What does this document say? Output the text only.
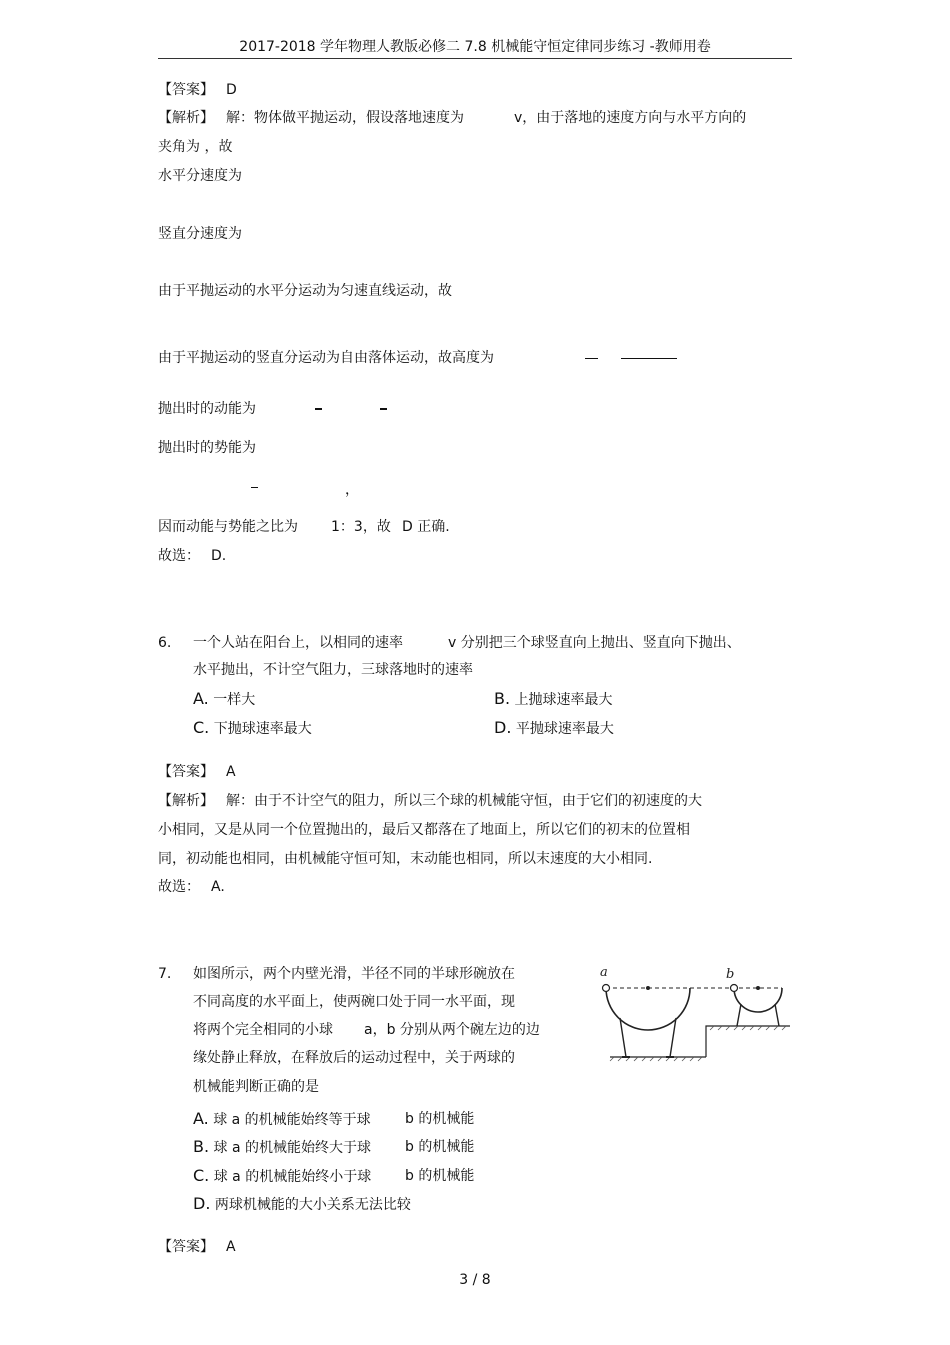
2017-2018 学年物理人教版必修二 7.8 机械能守恒定律同步练习 -教师用卷
【答案】 D
【解析】 解：物体做平抛运动，假设落地速度为	v，由于落地的速度方向与水平方向的
夹角为 ，故
水平分速度为
竖直分速度为
由于平抛运动的水平分运动为匀速直线运动，故
由于平抛运动的竖直分运动为自由落体运动，故高度为
抛出时的动能为
抛出时的势能为
，
因而动能与势能之比为 1：3，故 D 正确.
故选： D.
6. 一个人站在阳台上，以相同的速率	v 分别把三个球竖直向上抛出、竖直向下抛出、
水平抛出，不计空气阻力，三球落地时的速率
A. 一样大	B. 上抛球速率最大
C. 下抛球速率最大	D. 平抛球速率最大
【答案】 A
【解析】 解：由于不计空气的阻力，所以三个球的机械能守恒，由于它们的初速度的大
小相同，又是从同一个位置抛出的，最后又都落在了地面上，所以它们的初末的位置相
同，初动能也相同，由机械能守恒可知，末动能也相同，所以末速度的大小相同.
故选： A.
7. 如图所示，两个内壁光滑，半径不同的半球形碗放在
不同高度的水平面上，使两碗口处于同一水平面，现
将两个完全相同的小球 a，b 分别从两个碗左边的边
缘处静止释放，在释放后的运动过程中，关于两球的
机械能判断正确的是
a	b
A. 球 a 的机械能始终等于球 b 的机械能
B. 球 a 的机械能始终大于球 b 的机械能
C. 球 a 的机械能始终小于球 b 的机械能
D. 两球机械能的大小关系无法比较
【答案】 A
3 / 8
